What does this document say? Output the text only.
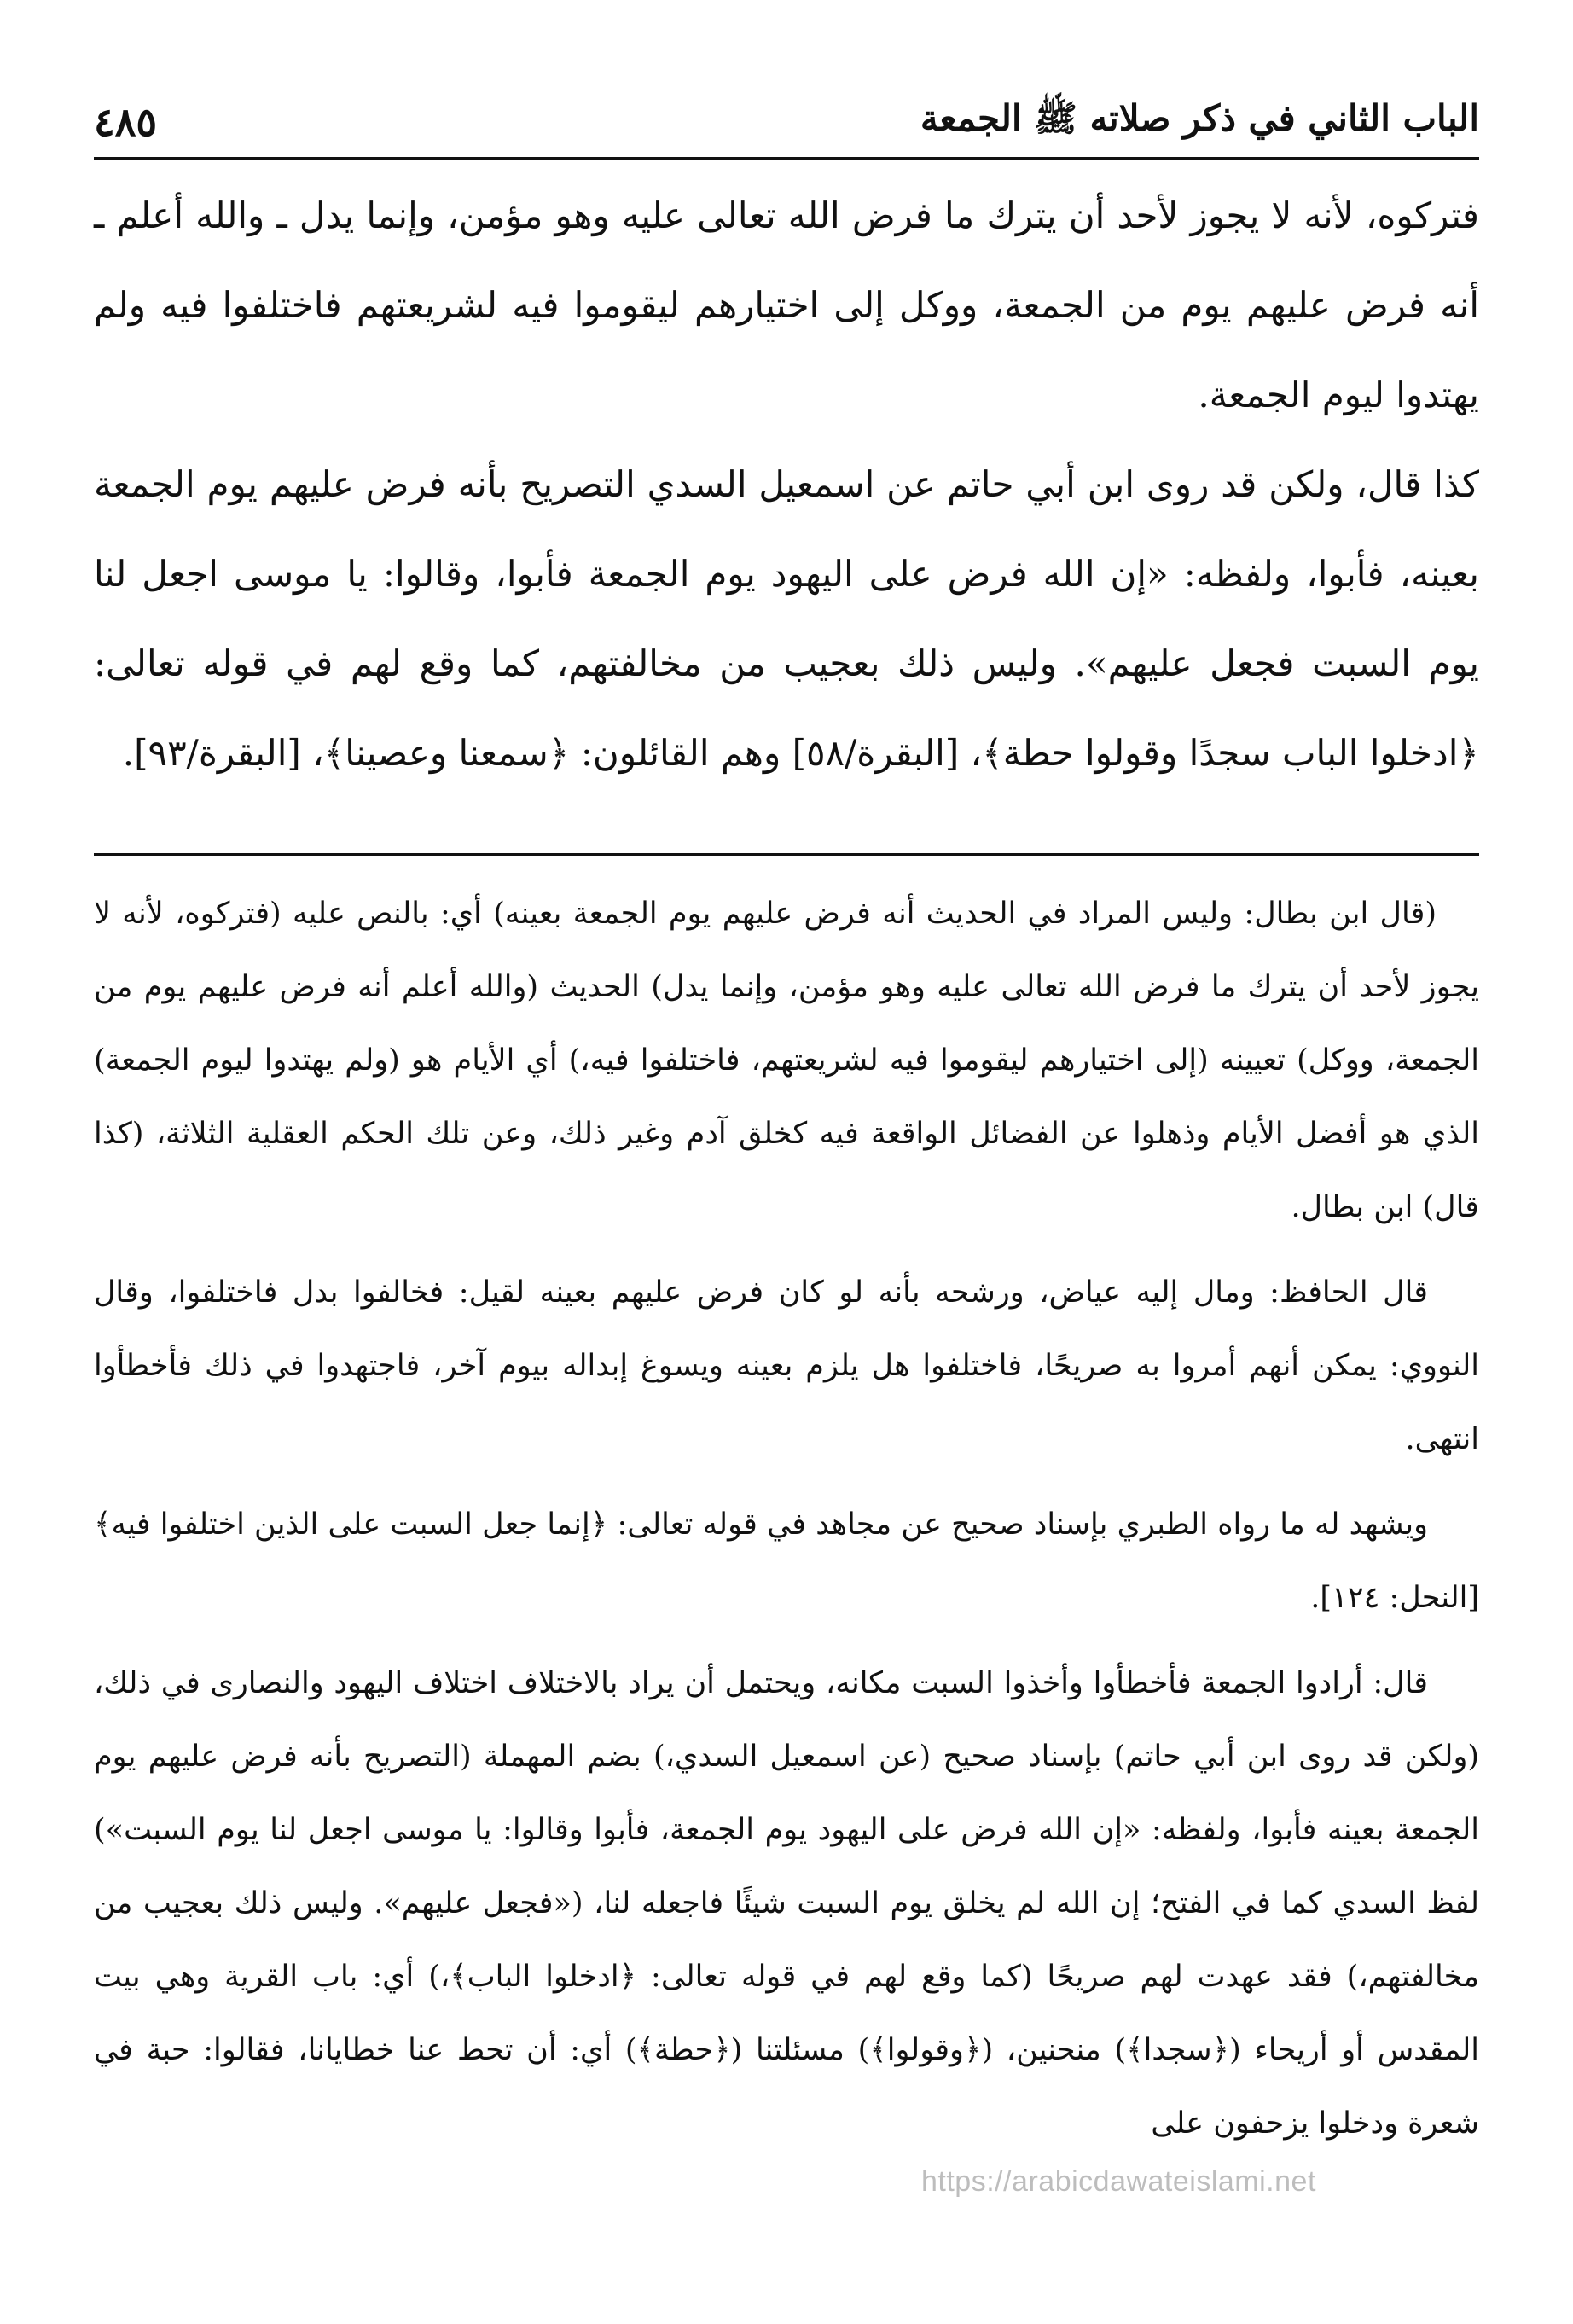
الباب الثاني في ذكر صلاته ﷺ الجمعة
٤٨٥

فتركوه، لأنه لا يجوز لأحد أن يترك ما فرض الله تعالى عليه وهو مؤمن، وإنما يدل ـ والله أعلم ـ أنه فرض عليهم يوم من الجمعة، ووكل إلى اختيارهم ليقوموا فيه لشريعتهم فاختلفوا فيه ولم يهتدوا ليوم الجمعة.

كذا قال، ولكن قد روى ابن أبي حاتم عن اسمعيل السدي التصريح بأنه فرض عليهم يوم الجمعة بعينه، فأبوا، ولفظه: «إن الله فرض على اليهود يوم الجمعة فأبوا، وقالوا: يا موسى اجعل لنا يوم السبت فجعل عليهم». وليس ذلك بعجيب من مخالفتهم، كما وقع لهم في قوله تعالى: ﴿ادخلوا الباب سجدًا وقولوا حطة﴾، [البقرة/٥٨] وهم القائلون: ﴿سمعنا وعصينا﴾، [البقرة/٩٣].

(قال ابن بطال: وليس المراد في الحديث أنه فرض عليهم يوم الجمعة بعينه) أي: بالنص عليه (فتركوه، لأنه لا يجوز لأحد أن يترك ما فرض الله تعالى عليه وهو مؤمن، وإنما يدل) الحديث (والله أعلم أنه فرض عليهم يوم من الجمعة، ووكل) تعيينه (إلى اختيارهم ليقوموا فيه لشريعتهم، فاختلفوا فيه،) أي الأيام هو (ولم يهتدوا ليوم الجمعة) الذي هو أفضل الأيام وذهلوا عن الفضائل الواقعة فيه كخلق آدم وغير ذلك، وعن تلك الحكم العقلية الثلاثة، (كذا قال) ابن بطال.

قال الحافظ: ومال إليه عياض، ورشحه بأنه لو كان فرض عليهم بعينه لقيل: فخالفوا بدل فاختلفوا، وقال النووي: يمكن أنهم أمروا به صريحًا، فاختلفوا هل يلزم بعينه ويسوغ إبداله بيوم آخر، فاجتهدوا في ذلك فأخطأوا انتهى.

ويشهد له ما رواه الطبري بإسناد صحيح عن مجاهد في قوله تعالى: ﴿إنما جعل السبت على الذين اختلفوا فيه﴾ [النحل: ١٢٤].

قال: أرادوا الجمعة فأخطأوا وأخذوا السبت مكانه، ويحتمل أن يراد بالاختلاف اختلاف اليهود والنصارى في ذلك، (ولكن قد روى ابن أبي حاتم) بإسناد صحيح (عن اسمعيل السدي،) بضم المهملة (التصريح بأنه فرض عليهم يوم الجمعة بعينه فأبوا، ولفظه: «إن الله فرض على اليهود يوم الجمعة، فأبوا وقالوا: يا موسى اجعل لنا يوم السبت») لفظ السدي كما في الفتح؛ إن الله لم يخلق يوم السبت شيئًا فاجعله لنا، («فجعل عليهم». وليس ذلك بعجيب من مخالفتهم،) فقد عهدت لهم صريحًا (كما وقع لهم في قوله تعالى: ﴿ادخلوا الباب﴾،) أي: باب القرية وهي بيت المقدس أو أريحاء (﴿سجدا﴾) منحنين، (﴿وقولوا﴾) مسئلتنا (﴿حطة﴾) أي: أن تحط عنا خطايانا، فقالوا: حبة في شعرة ودخلوا يزحفون على

https://arabicdawateislami.net
